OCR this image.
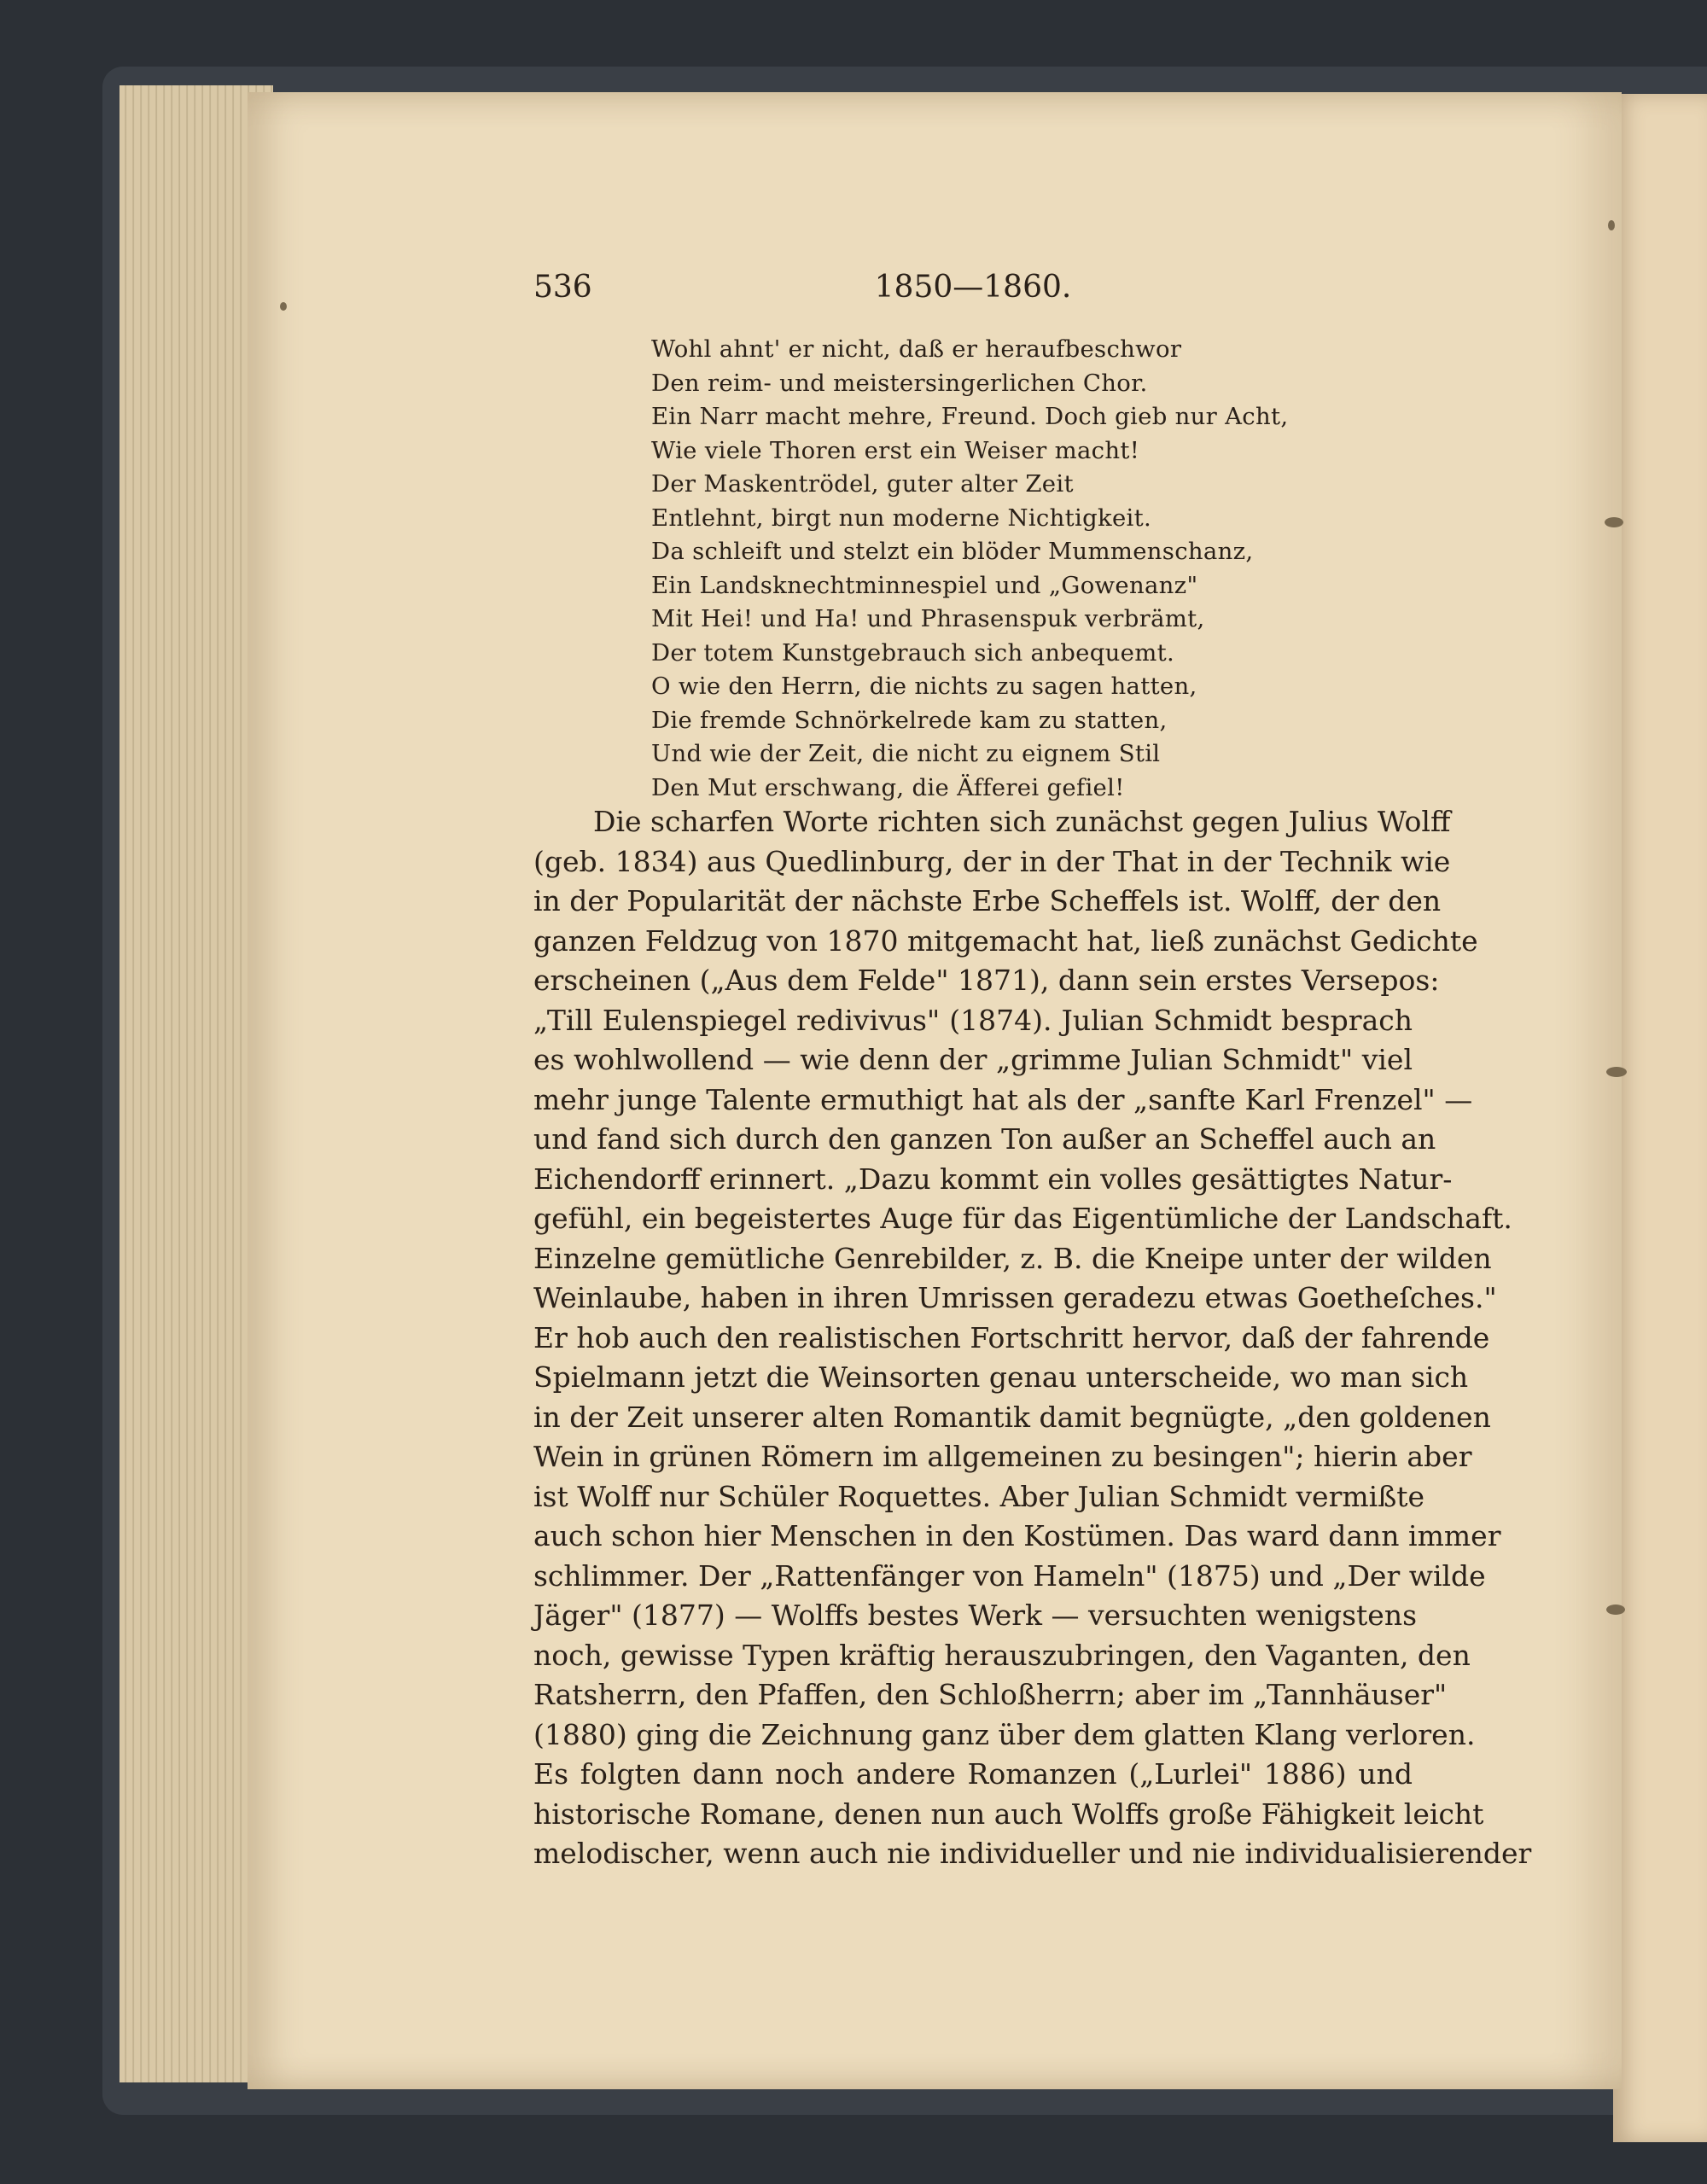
536	1850—1860.
Wohl ahnt' er nicht, daß er heraufbeschwor
Den reim- und meistersingerlichen Chor.
Ein Narr macht mehre, Freund. Doch gieb nur Acht,
Wie viele Thoren erst ein Weiser macht!
Der Maskentrödel, guter alter Zeit
Entlehnt, birgt nun moderne Nichtigkeit.
Da schleift und stelzt ein blöder Mummenschanz,
Ein Landsknechtminnespiel und „Gowenanz"
Mit Hei! und Ha! und Phrasenspuk verbrämt,
Der totem Kunstgebrauch sich anbequemt.
O wie den Herrn, die nichts zu sagen hatten,
Die fremde Schnörkelrede kam zu statten,
Und wie der Zeit, die nicht zu eignem Stil
Den Mut erschwang, die Äfferei gefiel!
Die scharfen Worte richten sich zunächst gegen Julius Wolff
(geb. 1834) aus Quedlinburg, der in der That in der Technik wie
in der Popularität der nächste Erbe Scheffels ist. Wolff, der den
ganzen Feldzug von 1870 mitgemacht hat, ließ zunächst Gedichte
erscheinen („Aus dem Felde" 1871), dann sein erstes Versepos:
„Till Eulenspiegel redivivus" (1874). Julian Schmidt besprach
es wohlwollend — wie denn der „grimme Julian Schmidt" viel
mehr junge Talente ermuthigt hat als der „sanfte Karl Frenzel" —
und fand sich durch den ganzen Ton außer an Scheffel auch an
Eichendorff erinnert. „Dazu kommt ein volles gesättigtes Natur-
gefühl, ein begeistertes Auge für das Eigentümliche der Landschaft.
Einzelne gemütliche Genrebilder, z. B. die Kneipe unter der wilden
Weinlaube, haben in ihren Umrissen geradezu etwas Goetheſches."
Er hob auch den realistischen Fortschritt hervor, daß der fahrende
Spielmann jetzt die Weinsorten genau unterscheide, wo man sich
in der Zeit unserer alten Romantik damit begnügte, „den goldenen
Wein in grünen Römern im allgemeinen zu besingen"; hierin aber
ist Wolff nur Schüler Roquettes. Aber Julian Schmidt vermißte
auch schon hier Menschen in den Kostümen. Das ward dann immer
schlimmer. Der „Rattenfänger von Hameln" (1875) und „Der wilde
Jäger" (1877) — Wolffs bestes Werk — versuchten wenigstens
noch, gewisse Typen kräftig herauszubringen, den Vaganten, den
Ratsherrn, den Pfaffen, den Schloßherrn; aber im „Tannhäuser"
(1880) ging die Zeichnung ganz über dem glatten Klang verloren.
Es folgten dann noch andere Romanzen („Lurlei" 1886) und
historische Romane, denen nun auch Wolffs große Fähigkeit leicht
melodischer, wenn auch nie individueller und nie individualisierender
